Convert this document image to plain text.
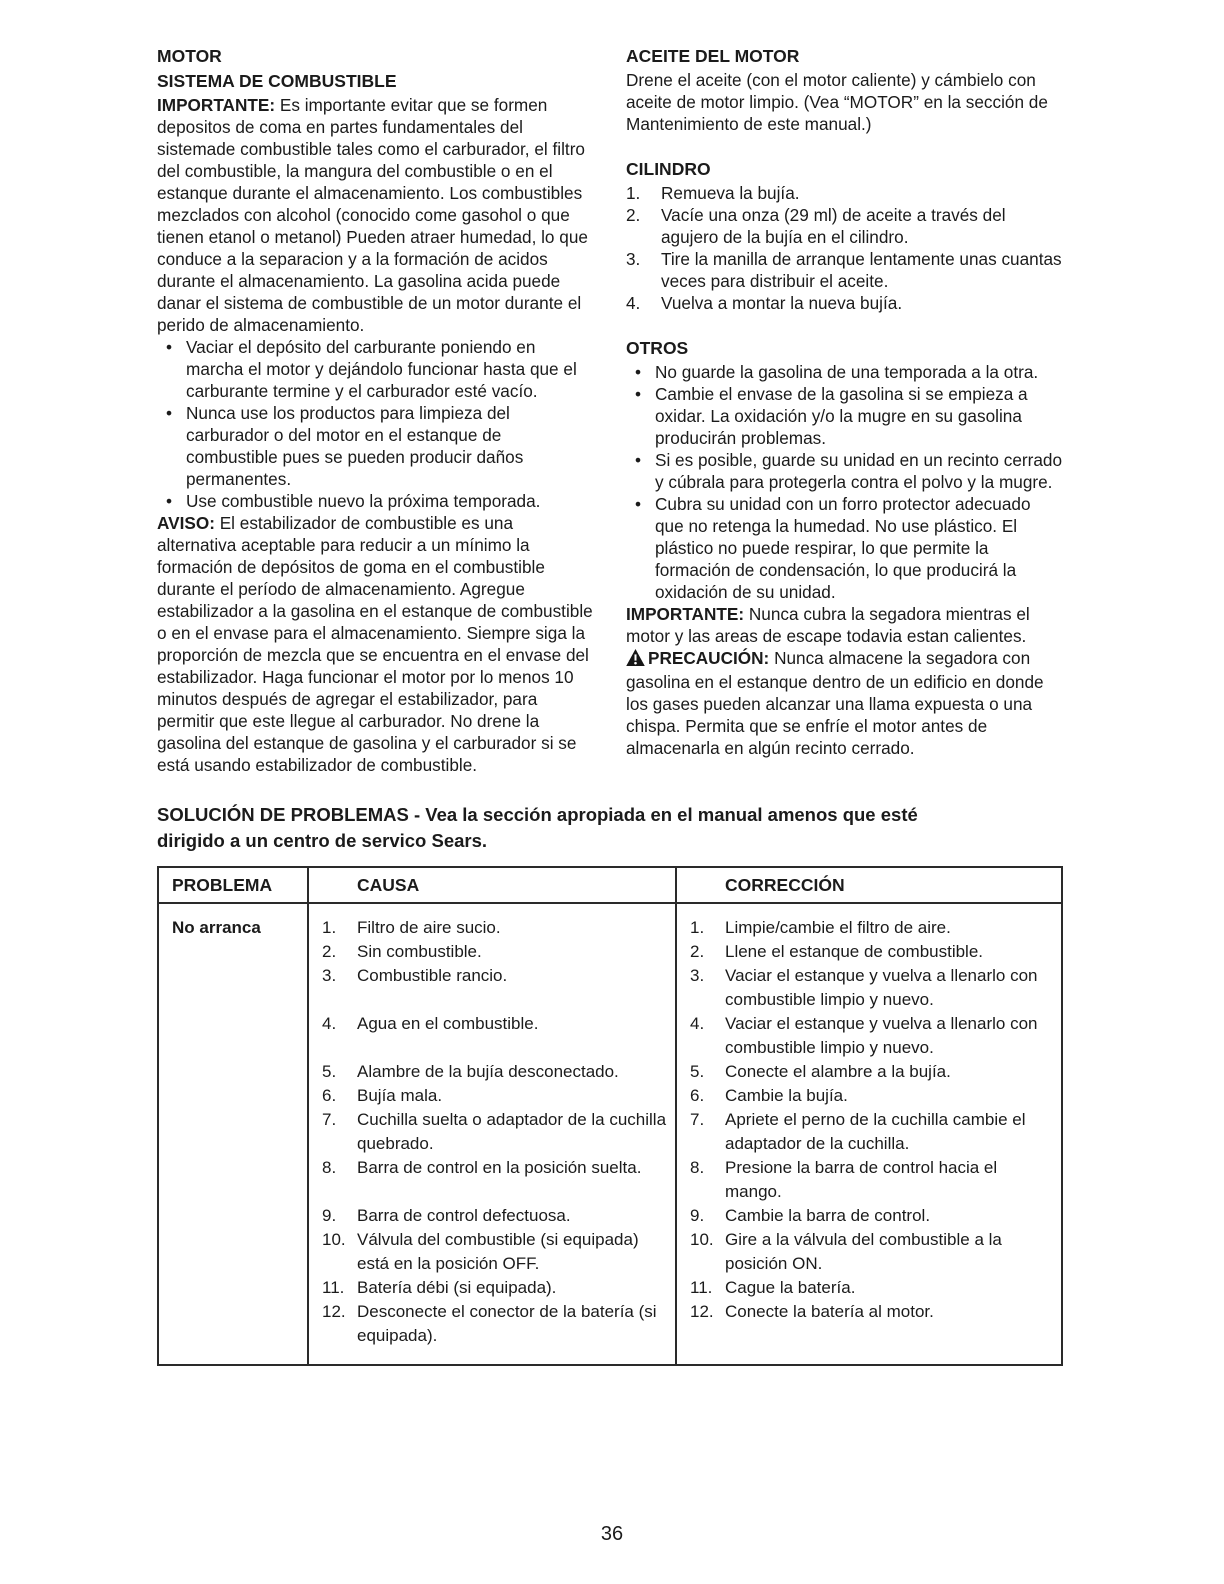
MOTOR
SISTEMA DE COMBUSTIBLE

IMPORTANTE: Es importante evitar que se formen depositos de coma en partes fundamentales del sistemade combustible tales como el carburador, el filtro del combustible, la mangura del combustible o en el estanque durante el almacenamiento. Los combustibles mezclados con alcohol (conocido come gasohol o que tienen etanol o metanol) Pueden atraer humedad, lo que conduce a la separacion y a la formación de acidos durante el almacenamiento. La gasolina acida puede danar el sistema de combustible de un motor durante el perido de almacenamiento.

• Vaciar el depósito del carburante poniendo en marcha el motor y dejándolo funcionar hasta que el carburante termine y el carburador esté vacío.
• Nunca use los productos para limpieza del carburador o del motor en el estanque de combustible pues se pueden producir daños permanentes.
• Use combustible nuevo la próxima temporada.

AVISO: El estabilizador de combustible es una alternativa aceptable para reducir a un mínimo la formación de depósitos de goma en el combustible durante el período de almacenamiento. Agregue estabilizador a la gasolina en el estanque de combustible o en el envase para el almacenamiento. Siempre siga la proporción de mezcla que se encuentra en el envase del estabilizador. Haga funcionar el motor por lo menos 10 minutos después de agregar el estabilizador, para permitir que este llegue al carburador. No drene la gasolina del estanque de gasolina y el carburador si se está usando estabilizador de combustible.

ACEITE DEL MOTOR

Drene el aceite (con el motor caliente) y cámbielo con aceite de motor limpio. (Vea “MOTOR” en la sección de Mantenimiento de este manual.)

CILINDRO
1.	Remueva la bujía.
2.	Vacíe una onza (29 ml) de aceite a través del agujero de la bujía en el cilindro.
3.	Tire la manilla de arranque lentamente unas cuantas veces para distribuir el aceite.
4.	Vuelva a montar la nueva bujía.
OTROS
• No guarde la gasolina de una temporada a la otra.
• Cambie el envase de la gasolina si se empieza a oxidar. La oxidación y/o la mugre en su gasolina producirán problemas.
• Si es posible, guarde su unidad en un recinto cerrado y cúbrala para protegerla contra el polvo y la mugre.
• Cubra su unidad con un forro protector adecuado que no retenga la humedad. No use plástico. El plástico no puede respirar, lo que permite la formación de condensación, lo que producirá la oxidación de su unidad.

IMPORTANTE: Nunca cubra la segadora mientras el motor y las areas de escape todavia estan calientes.

PRECAUCIÓN: Nunca almacene la segadora con gasolina en el estanque dentro de un edificio en donde los gases pueden alcanzar una llama expuesta o una chispa. Permita que se enfríe el motor antes de almacenarla en algún recinto cerrado.

SOLUCIÓN DE PROBLEMAS - Vea la sección apropiada en el manual amenos que esté dirigido a un centro de servico Sears.
PROBLEMA	CAUSA	CORRECCIÓN
No arranca	1. Filtro de aire sucio.	1. Limpie/cambie el filtro de aire.

	2. Sin combustible.	2. Llene el estanque de combustible.

	3. Combustible rancio.	3. Vaciar el estanque y vuelva a llenarlo con combustible limpio y nuevo.

	4. Agua en el combustible.	4. Vaciar el estanque y vuelva a llenarlo con combustible limpio y nuevo.

	5. Alambre de la bujía desconectado.	5. Conecte el alambre a la bujía.

	6. Bujía mala.	6. Cambie la bujía.

	7. Cuchilla suelta o adaptador de la cuchilla quebrado.	7. Apriete el perno de la cuchilla cambie el adaptador de la cuchilla.

	8. Barra de control en la posición suelta.	8. Presione la barra de control hacia el mango.

	9. Barra de control defectuosa.	9. Cambie la barra de control.

	10. Válvula del combustible (si equipada) está en la posición OFF.	10. Gire a la válvula del combustible a la posición ON.

	11. Batería débi (si equipada).	11. Cague la batería.

	12. Desconecte el conector de la batería (si equipada).	12. Conecte la batería al motor.
36
